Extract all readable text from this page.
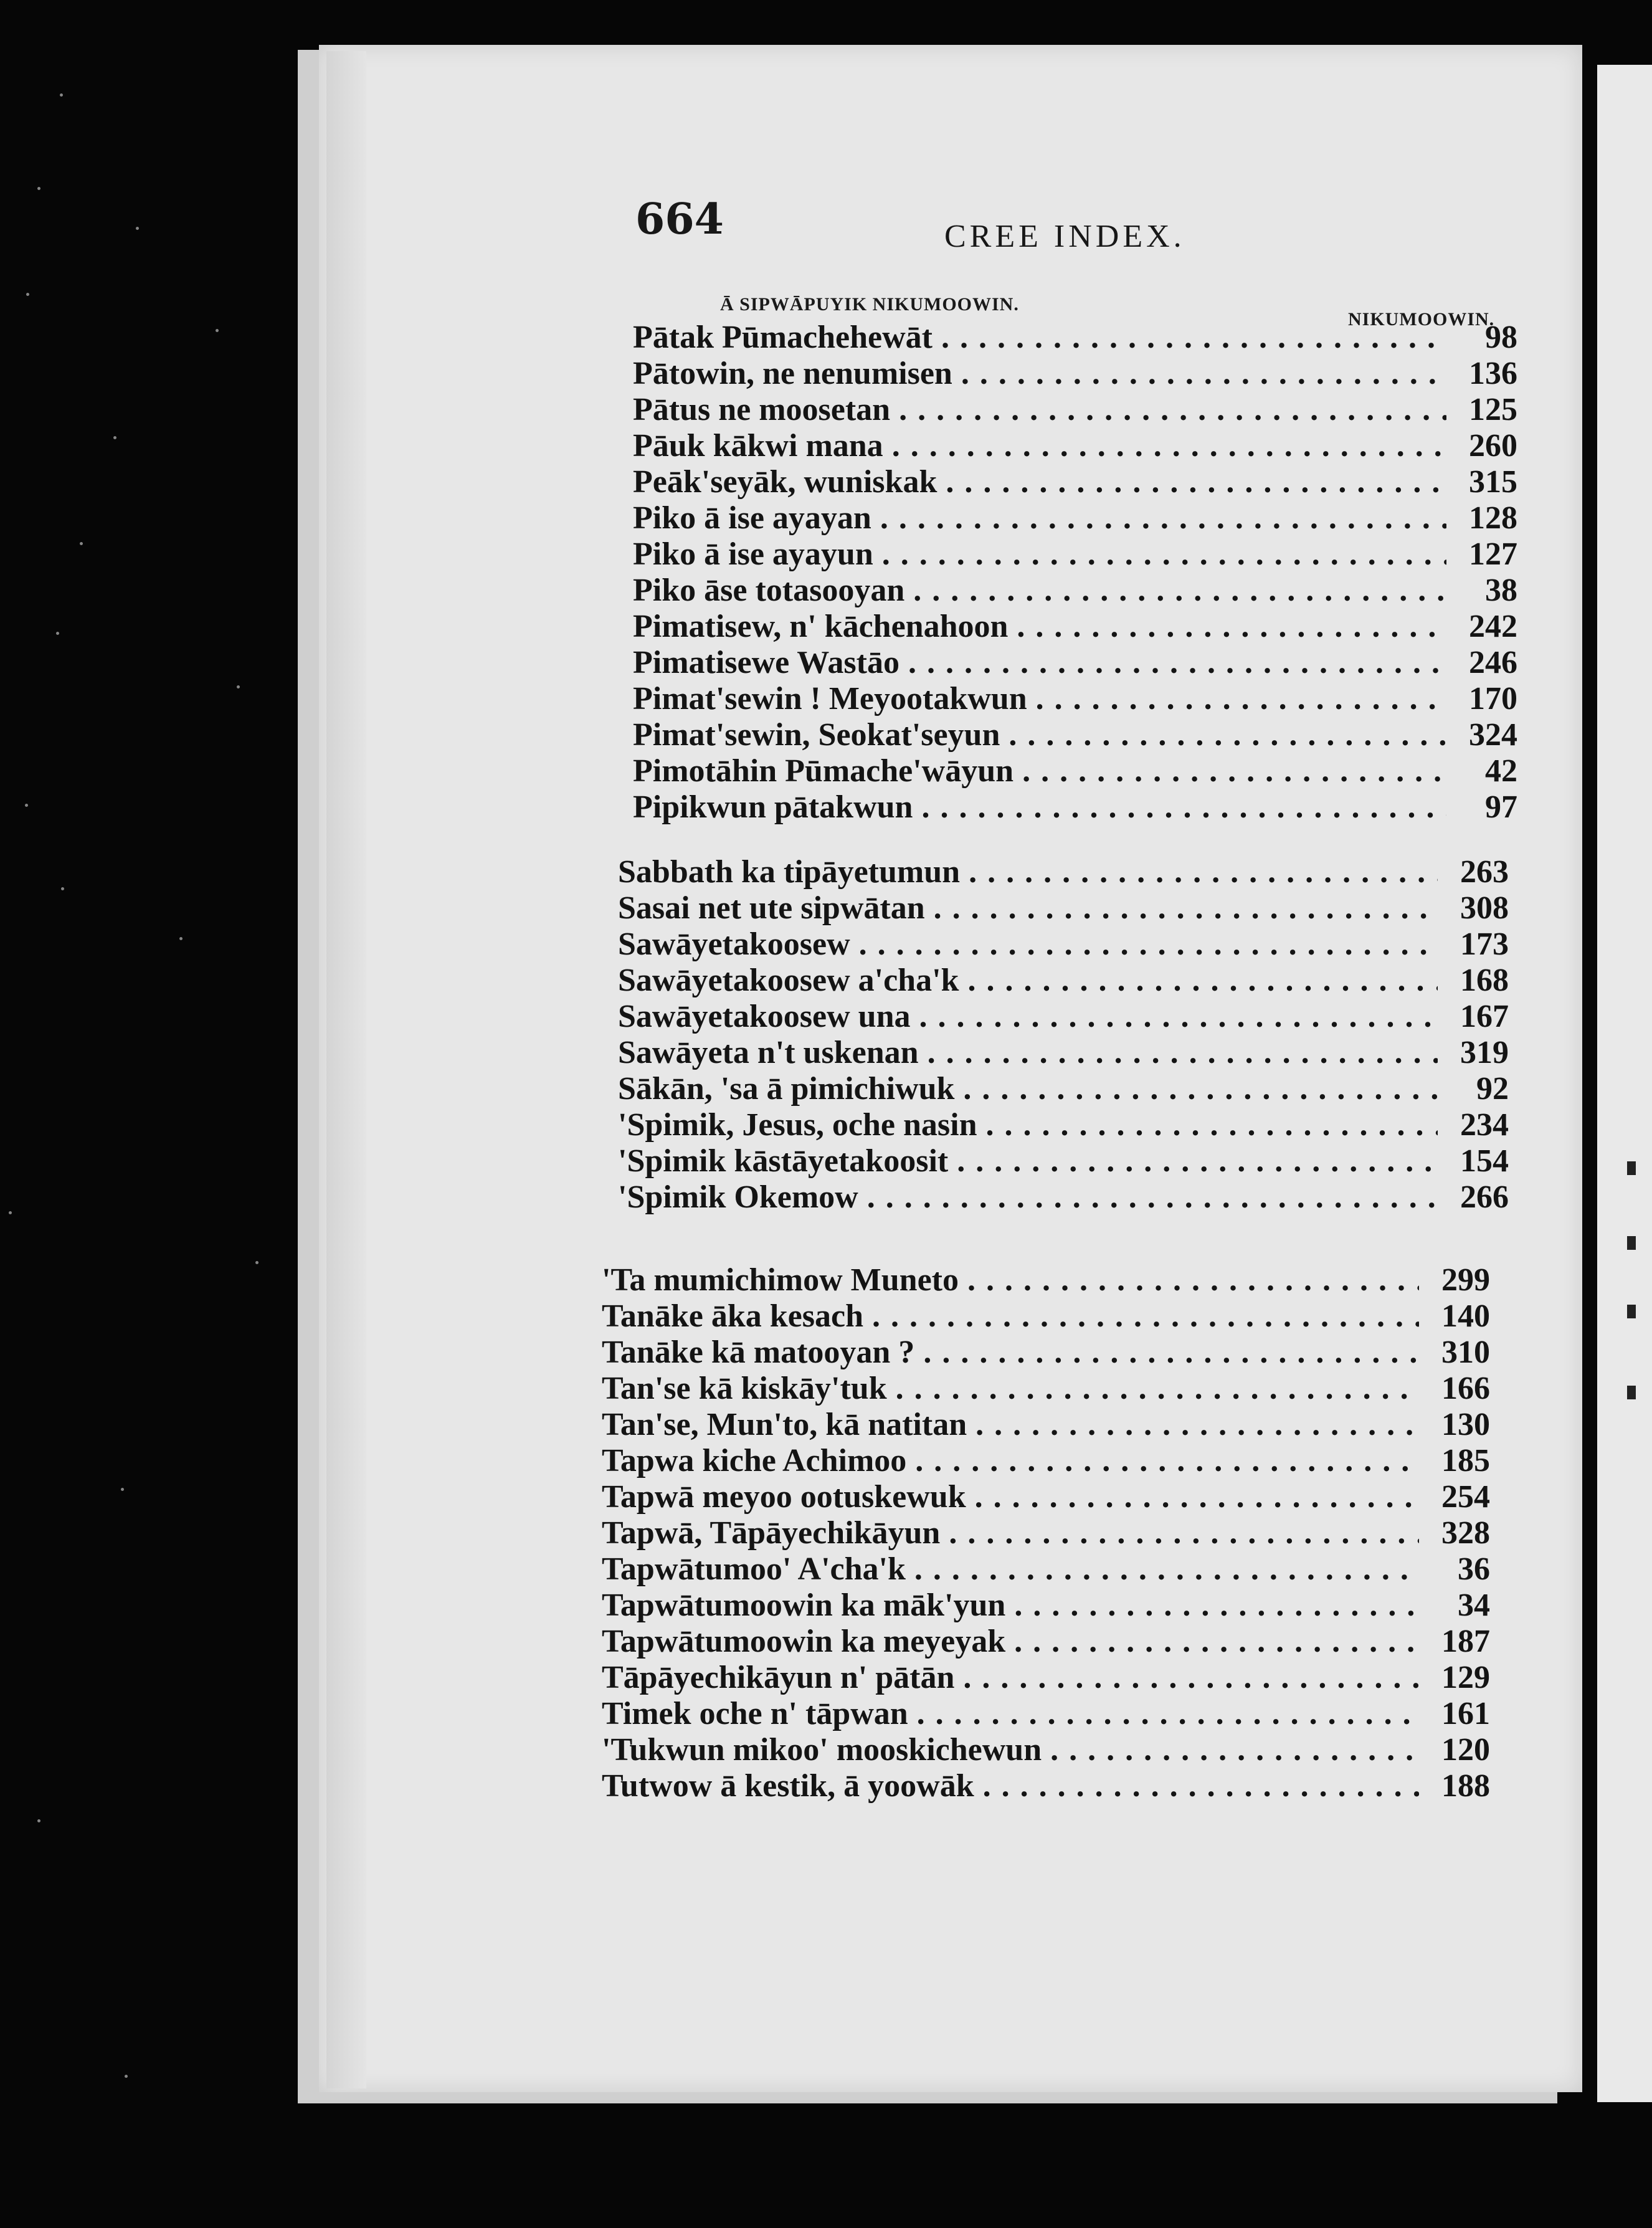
664	CREE INDEX.
Ā SIPWĀPUYIK NIKUMOOWIN.
NIKUMOOWIN.
Pātak Pūmachehewāt . . .	98
Pātowin, ne nenumisen . . .	136
Pātus ne moosetan . . .	125
Pāuk kākwi mana . . .	260
Peāk'seyāk, wuniskak . . .	315
Piko ā ise ayayan . . .	128
Piko ā ise ayayun . . .	127
Piko āse totasooyan . . .	38
Pimatisew, n' kāchenahoon . . .	242
Pimatisewe Wastāo . . .	246
Pimat'sewin ! Meyootakwun . . .	170
Pimat'sewin, Seokat'seyun . . .	324
Pimotāhin Pūmache'wāyun . . .	42
Pipikwun pātakwun . . .	97
Sabbath ka tipāyetumun . . .	263
Sasai net ute sipwātan . . .	308
Sawāyetakoosew . . .	173
Sawāyetakoosew a'cha'k . . .	168
Sawāyetakoosew una . . .	167
Sawāyeta n't uskenan . . .	319
Sākān, 'sa ā pimichiwuk . . .	92
'Spimik, Jesus, oche nasin . . .	234
'Spimik kāstāyetakoosit . . .	154
'Spimik Okemow . . .	266
'Ta mumichimow Muneto . . .	299
Tanāke āka kesach . . .	140
Tanāke kā matooyan ? . . .	310
Tan'se kā kiskāy'tuk . . .	166
Tan'se, Mun'to, kā natitan . . .	130
Tapwa kiche Achimoo . . .	185
Tapwā meyoo ootuskewuk . . .	254
Tapwā, Tāpāyechikāyun . . .	328
Tapwātumoo' A'cha'k . . .	36
Tapwātumoowin ka māk'yun . . .	34
Tapwātumoowin ka meyeyak . . .	187
Tāpāyechikāyun n' pātān . . .	129
Timek oche n' tāpwan . . .	161
'Tukwun mikoo' mooskichewun . . .	120
Tutwow ā kestik, ā yoowāk . . .	188
